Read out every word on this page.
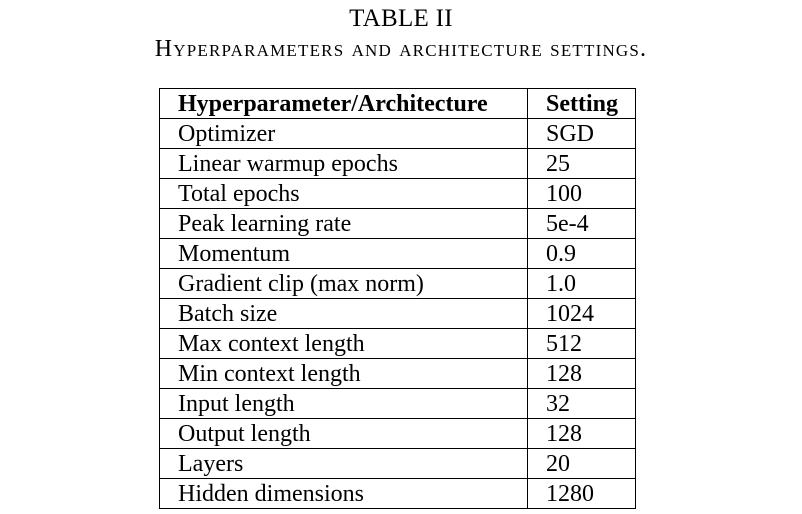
TABLE II
Hyperparameters and architecture settings.
Hyperparameter/Architecture	Setting
Optimizer	SGD
Linear warmup epochs	25
Total epochs	100
Peak learning rate	5e-4
Momentum	0.9
Gradient clip (max norm)	1.0
Batch size	1024
Max context length	512
Min context length	128
Input length	32
Output length	128
Layers	20
Hidden dimensions	1280
